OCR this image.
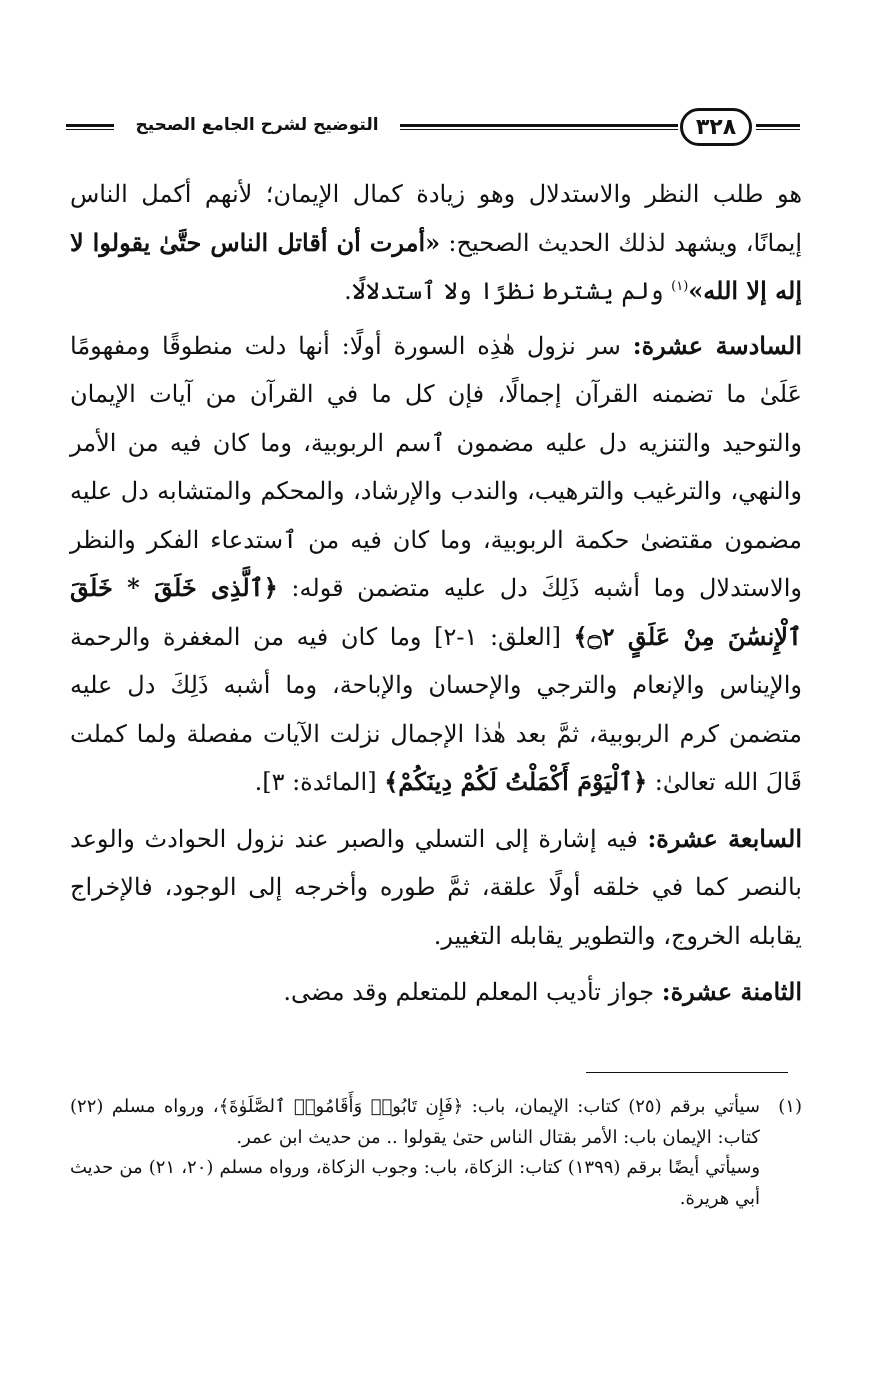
التوضيح لشرح الجامع الصحيح	٣٢٨

هو طلب النظر والاستدلال وهو زيادة كمال الإيمان؛ لأنهم أكمل الناس إيمانًا، ويشهد لذلك الحديث الصحيح: «أمرت أن أقاتل الناس حتَّىٰ يقولوا لا إله إلا الله»$^{(١)}$ ولم يشترط نظرًا ولا ٱستدلالًا.

السادسة عشرة: سر نزول هٰذِه السورة أولًا: أنها دلت منطوقًا ومفهومًا عَلَىٰ ما تضمنه القرآن إجمالًا، فإن كل ما في القرآن من آيات الإيمان والتوحيد والتنزيه دل عليه مضمون ٱسم الربوبية، وما كان فيه من الأمر والنهي، والترغيب والترهيب، والندب والإرشاد، والمحكم والمتشابه دل عليه مضمون مقتضىٰ حكمة الربوبية، وما كان فيه من ٱستدعاء الفكر والنظر والاستدلال وما أشبه ذَلِكَ دل عليه متضمن قوله: ﴿ٱلَّذِى خَلَقَ * خَلَقَ ٱلْإِنسَٰنَ مِنْ عَلَقٍ ۝٢﴾ [العلق: ١-٢] وما كان فيه من المغفرة والرحمة والإيناس والإنعام والترجي والإحسان والإباحة، وما أشبه ذَلِكَ دل عليه متضمن كرم الربوبية، ثمَّ بعد هٰذا الإجمال نزلت الآيات مفصلة ولما كملت قَالَ الله تعالىٰ: ﴿ٱلْيَوْمَ أَكْمَلْتُ لَكُمْ دِينَكُمْ﴾ [المائدة: ٣].

السابعة عشرة: فيه إشارة إلى التسلي والصبر عند نزول الحوادث والوعد بالنصر كما في خلقه أولًا علقة، ثمَّ طوره وأخرجه إلى الوجود، فالإخراج يقابله الخروج، والتطوير يقابله التغيير.

الثامنة عشرة: جواز تأديب المعلم للمتعلم وقد مضى.

(١)

سيأتي برقم (٢٥) كتاب: الإيمان، باب: ﴿فَإِن تَابُوا۟ وَأَقَامُوا۟ ٱلصَّلَوٰةَ﴾، ورواه مسلم (٢٢) كتاب: الإيمان باب: الأمر بقتال الناس حتىٰ يقولوا .. من حديث ابن عمر.

وسيأتي أيضًا برقم (١٣٩٩) كتاب: الزكاة، باب: وجوب الزكاة، ورواه مسلم (٢٠، ٢١) من حديث أبي هريرة.
